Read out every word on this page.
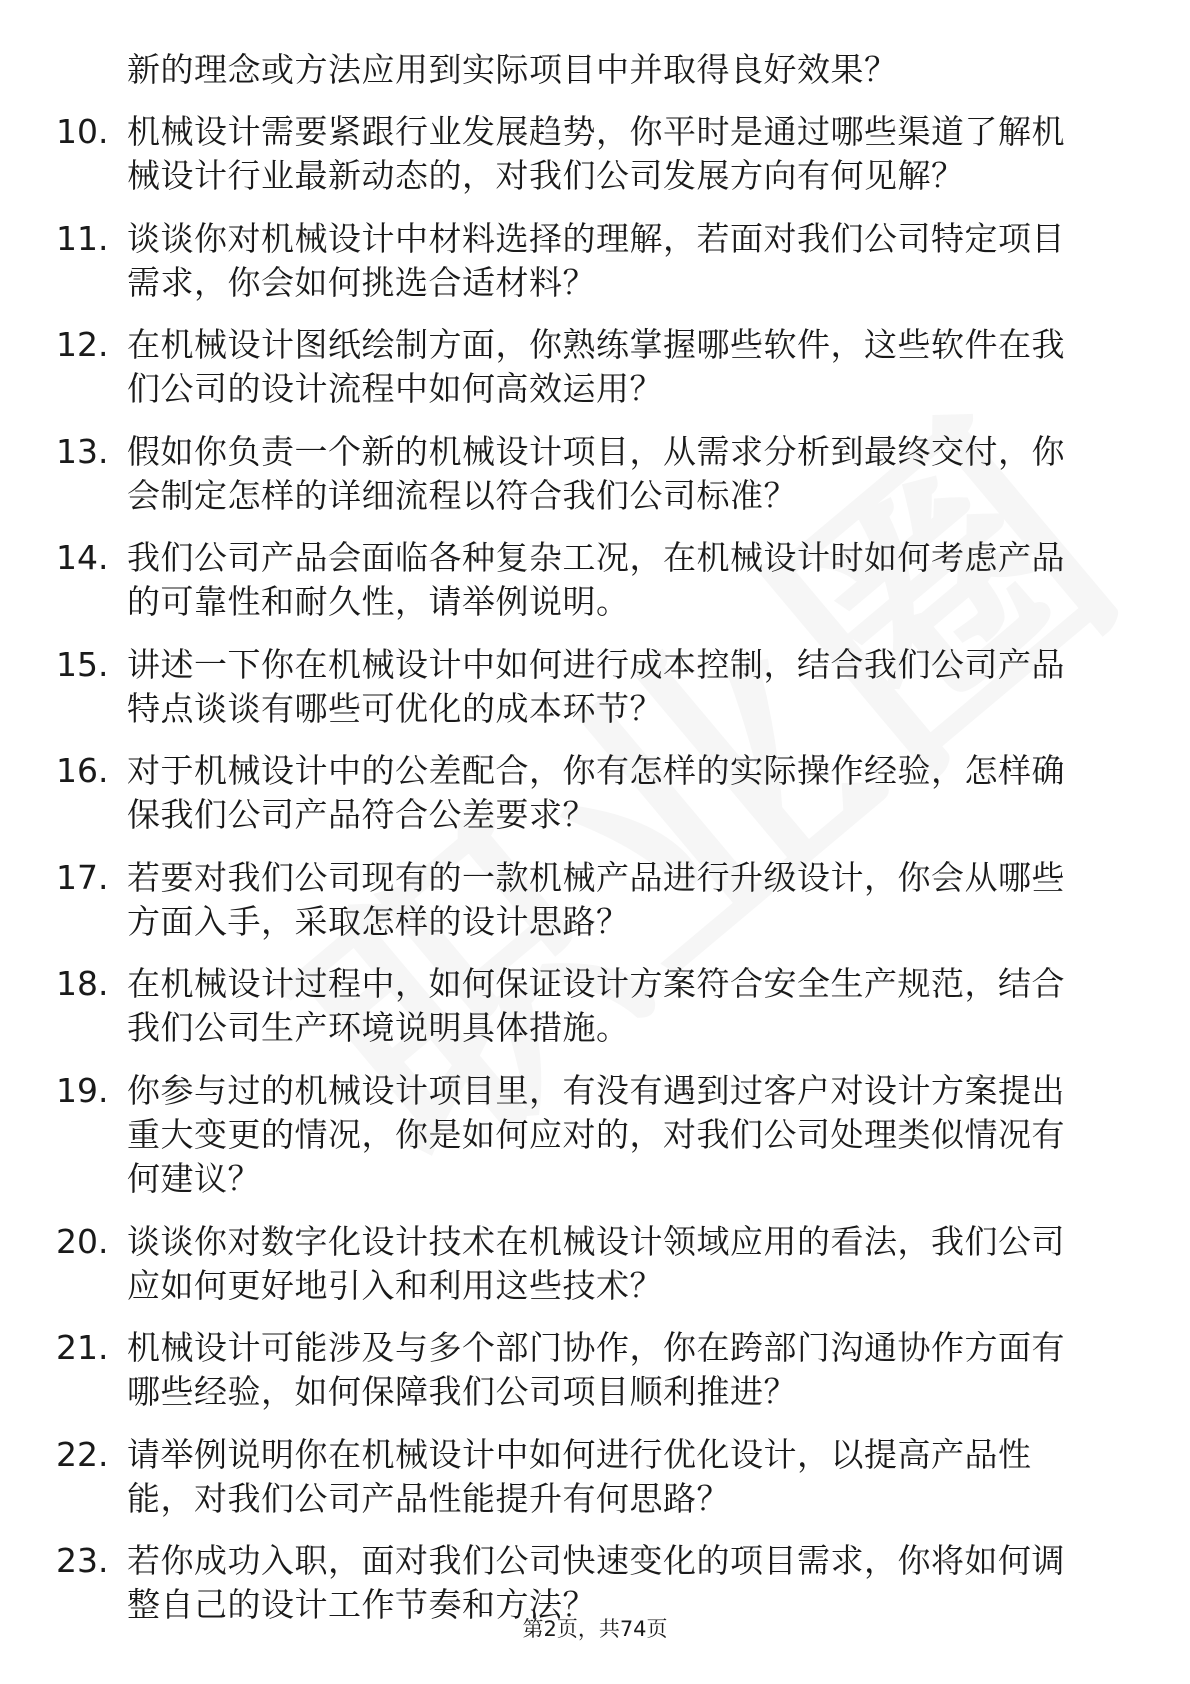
新的理念或方法应用到实际项目中并取得良好效果？
10. 机械设计需要紧跟行业发展趋势，你平时是通过哪些渠道了解机
械设计行业最新动态的，对我们公司发展方向有何见解？
11. 谈谈你对机械设计中材料选择的理解，若面对我们公司特定项目
需求，你会如何挑选合适材料？
12. 在机械设计图纸绘制方面，你熟练掌握哪些软件，这些软件在我
们公司的设计流程中如何高效运用？
13. 假如你负责一个新的机械设计项目，从需求分析到最终交付，你
会制定怎样的详细流程以符合我们公司标准？
14. 我们公司产品会面临各种复杂工况，在机械设计时如何考虑产品
的可靠性和耐久性，请举例说明。
15. 讲述一下你在机械设计中如何进行成本控制，结合我们公司产品
特点谈谈有哪些可优化的成本环节？
16. 对于机械设计中的公差配合，你有怎样的实际操作经验，怎样确
保我们公司产品符合公差要求？
17. 若要对我们公司现有的一款机械产品进行升级设计，你会从哪些
方面入手，采取怎样的设计思路？
18. 在机械设计过程中，如何保证设计方案符合安全生产规范，结合
我们公司生产环境说明具体措施。
19. 你参与过的机械设计项目里，有没有遇到过客户对设计方案提出
重大变更的情况，你是如何应对的，对我们公司处理类似情况有
何建议？
20. 谈谈你对数字化设计技术在机械设计领域应用的看法，我们公司
应如何更好地引入和利用这些技术？
21. 机械设计可能涉及与多个部门协作，你在跨部门沟通协作方面有
哪些经验，如何保障我们公司项目顺利推进？
22. 请举例说明你在机械设计中如何进行优化设计，以提高产品性
能，对我们公司产品性能提升有何思路？
23. 若你成功入职，面对我们公司快速变化的项目需求，你将如何调
整自己的设计工作节奏和方法？
第2页，共74页
